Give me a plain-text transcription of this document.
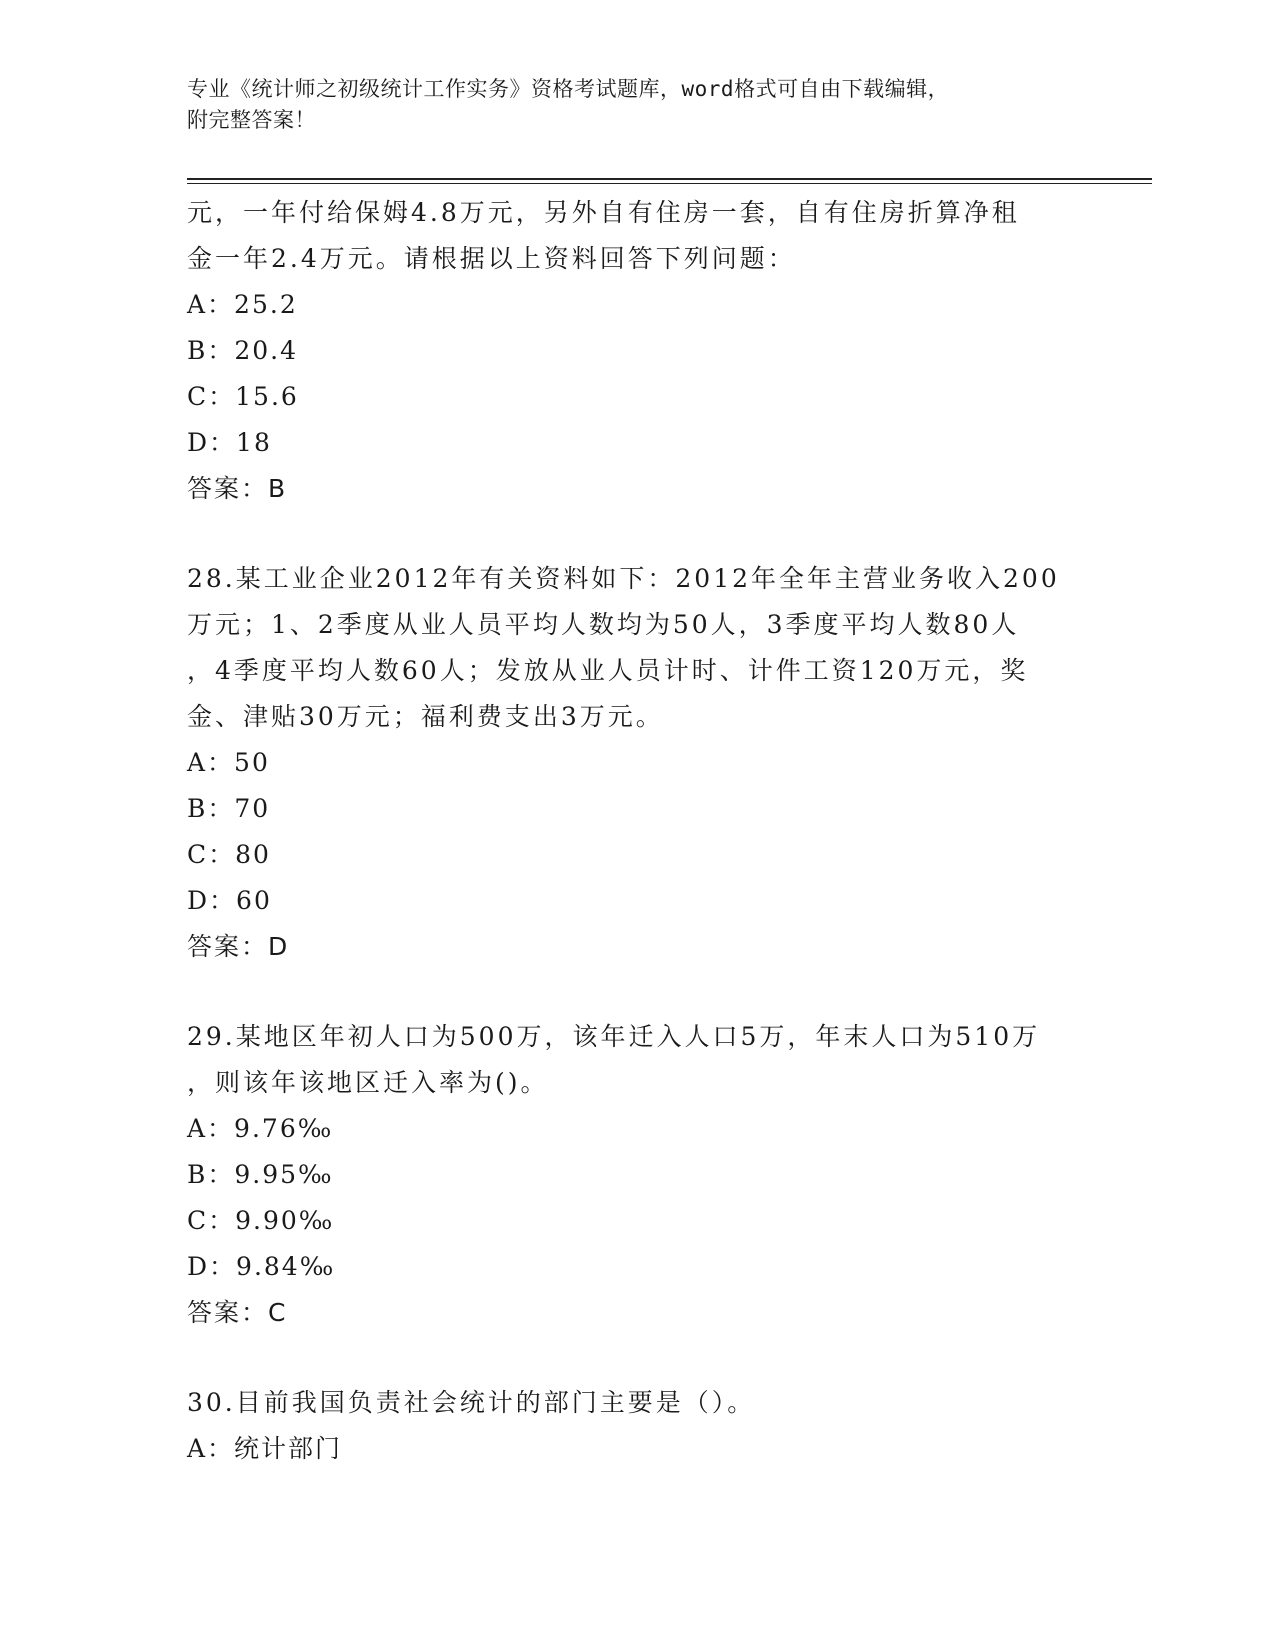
专业《统计师之初级统计工作实务》资格考试题库，word格式可自由下载编辑，
附完整答案！
元，一年付给保姆4.8万元，另外自有住房一套，自有住房折算净租
金一年2.4万元。请根据以上资料回答下列问题：
A：25.2
B：20.4
C：15.6
D：18
答案：B
28.某工业企业2012年有关资料如下：2012年全年主营业务收入200
万元；1、2季度从业人员平均人数均为50人，3季度平均人数80人
，4季度平均人数60人；发放从业人员计时、计件工资120万元，奖
金、津贴30万元；福利费支出3万元。
A：50
B：70
C：80
D：60
答案：D
29.某地区年初人口为500万，该年迁入人口5万，年末人口为510万
，则该年该地区迁入率为()。
A：9.76‰
B：9.95‰
C：9.90‰
D：9.84‰
答案：C
30.目前我国负责社会统计的部门主要是（）。
A：统计部门
